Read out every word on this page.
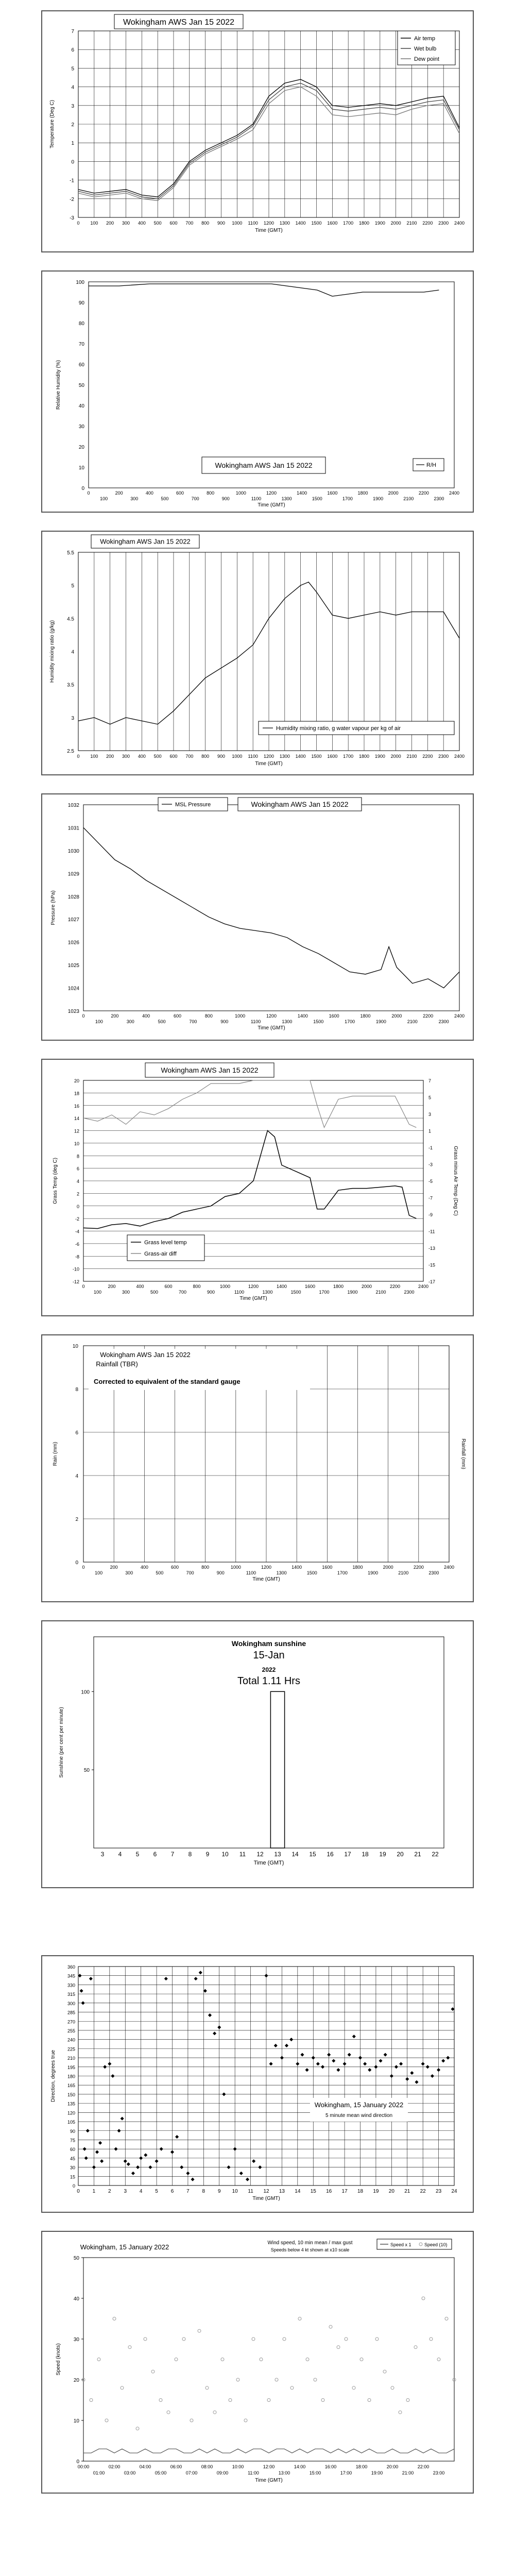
Wokingham AWS Jan 15 2022
-3
-2
-1
0
1
2
3
4
5
6
7
0 100 200 300 400 500 600 700 800 900 1000 1100 1200 1300 1400 1500 1600 1700 1800 1900 2000 2100 2200 2300 2400
Time (GMT)
Temperature (Deg C)
Air temp
Wet bulb
Dew point
0
10
20
30
40
50
60
70
80
90
100
0	200	400	600	800	1000	1200	1400	1600	1800	2000	2200	2400
100	300	500	700	900	1100	1300	1500	1700	1900	2100	2300
Time (GMT)
Relative Humidity (%)
Wokingham AWS Jan 15 2022	R/H
Wokingham AWS Jan 15 2022
2.5
3
3.5
4
4.5
5
5.5
0 100 200 300 400 500 600 700 800 900 1000 1100 1200 1300 1400 1500 1600 1700 1800 1900 2000 2100 2200 2300 2400
Time (GMT)
Humidity mixing ratio (g/kg)
Humidity mixing ratio, g water vapour per kg of air
1023
1024
1025
1026
1027
1028
1029
1030
1031
1032
0	200	400	600	800	1000	1200	1400	1600	1800	2000	2200	2400
100	300	500	700	900	1100	1300	1500	1700	1900	2100	2300
Time (GMT)
Pressure (hPa)
MSL Pressure	Wokingham AWS Jan 15 2022
Wokingham AWS Jan 15 2022
-12
-10
-8
-6
-4
-2
0
2
4
6
8
10
12
14
16
18
20
-17
-15
-13
-11
-9
-7
-5
-3
-1
1
3
5
7
0	200	400	600	800	1000	1200	1400	1600	1800	2000	2200	2400
100	300	500	700	900	1100	1300	1500	1700	1900	2100	2300
Time (GMT)
Grass Temp (deg C)	Grass minus Air Temp (Deg C)
Grass level temp
Grass-air diff
0
2
4
6
8
10
0	200	400	600	800	1000	1200	1400	1600	1800	2000	2200	2400
100	300	500	700	900	1100	1300	1500	1700	1900	2100	2300
Time (GMT)
Rain (mm)	Rainfall (mm)
Wokingham AWS Jan 15 2022
Rainfall (TBR)
Corrected to equivalent of the standard gauge
50
100
3 4 5 6 7 8 9 10 11 12 13 14 15 16 17 18 19 20 21 22
Time (GMT)
Sunshine (per cent per minute)
Wokingham sunshine
15-Jan
2022
Total 1.11 Hrs
0
15
30
45
60
75
90
105
120
135
150
165
180
195
210
225
240
255
270
285
300
315
330
345
360
0 1 2 3 4 5 6 7 8 9 10 11 12 13 14 15 16 17 18 19 20 21 22 23 24
Time (GMT)
Direction, degrees true
Wokingham, 15 January 2022
5 minute mean wind direction
0
10
20
30
40
50
00:00	02:00	04:00	06:00	08:00	10:00	12:00	14:00	16:00	18:00	20:00	22:00
01:00	03:00	05:00	07:00	09:00	11:00	13:00	15:00	17:00	19:00	21:00	23:00
Time (GMT)
Speed (knots)
Wokingham, 15 January 2022
Wind speed, 10 min mean / max gust
Speeds below 4 kt shown at x10 scale
Speed x 1	Speed (10)
